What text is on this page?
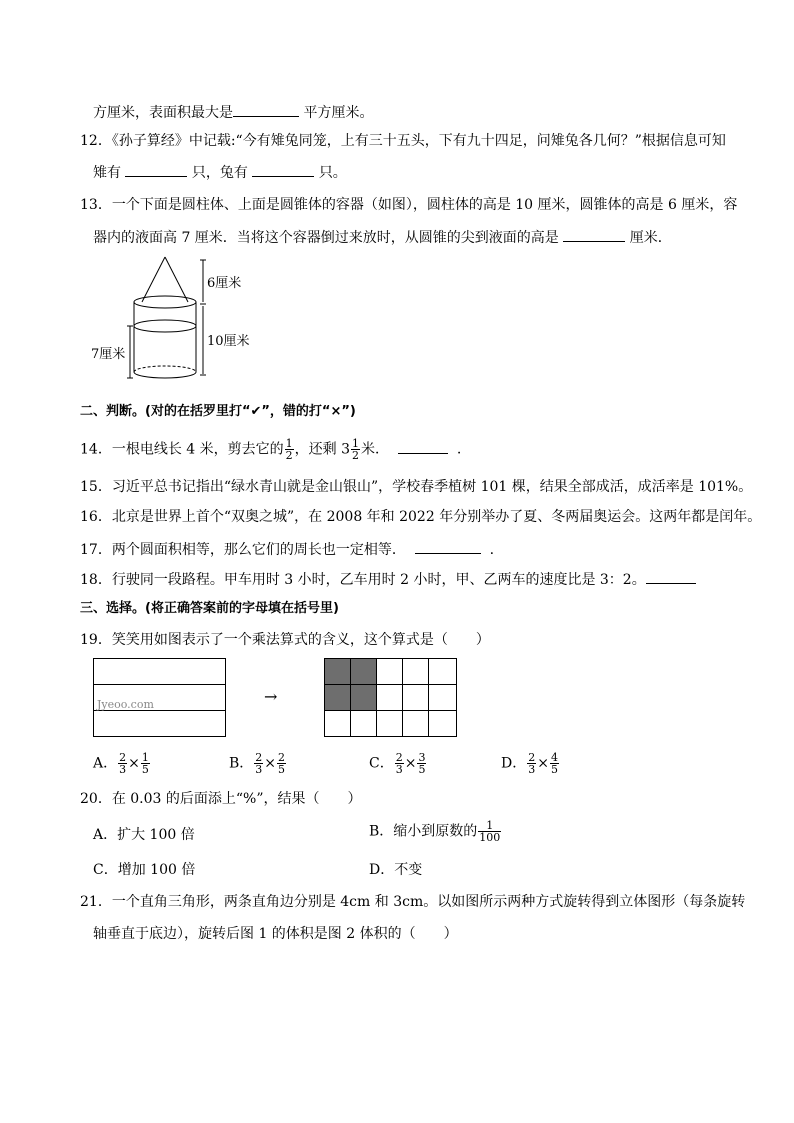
方厘米，表面积最大是	平方厘米。
12．《孙子算经》中记载:“今有雉兔同笼，上有三十五头，下有九十四足，问雉兔各几何？”根据信息可知
雉有	只，兔有	只。
13．一个下面是圆柱体、上面是圆锥体的容器（如图），圆柱体的高是 10 厘米，圆锥体的高是 6 厘米，容
器内的液面高 7 厘米．当将这个容器倒过来放时，从圆锥的尖到液面的高是	厘米．
6厘米
10厘米
7厘米
二、判断。(对的在括罗里打“✔”，错的打“×”)
14．一根电线长 4 米，剪去它的 $\frac{1}{2}$ ，还剩 $3 \frac{1}{2}$ 米．	.
15．习近平总书记指出“绿水青山就是金山银山”，学校春季植树 101 棵，结果全部成活，成活率是 101%。
16．北京是世界上首个“双奥之城”，在 2008 年和 2022 年分别举办了夏、冬两届奥运会。这两年都是闰年。
17．两个圆面积相等，那么它们的周长也一定相等．	.
18．行驶同一段路程。甲车用时 3 小时，乙车用时 2 小时，甲、乙两车的速度比是 3：2。
三、选择。(将正确答案前的字母填在括号里)
19．笑笑用如图表示了一个乘法算式的含义，这个算式是（　　）
Jyeoo.com	→
A． $\frac{2}{3} \times \frac{1}{5}$	B． $\frac{2}{3} \times \frac{2}{5}$	C． $\frac{2}{3} \times \frac{3}{5}$	D． $\frac{2}{3} \times \frac{4}{5}$
20．在 0.03 的后面添上“%”，结果（　　）
A．扩大 100 倍	B．缩小到原数的 $\frac{1}{100}$
C．增加 100 倍	D．不变
21．一个直角三角形，两条直角边分别是 4cm 和 3cm。以如图所示两种方式旋转得到立体图形（每条旋转
轴垂直于底边），旋转后图 1 的体积是图 2 体积的（　　）
